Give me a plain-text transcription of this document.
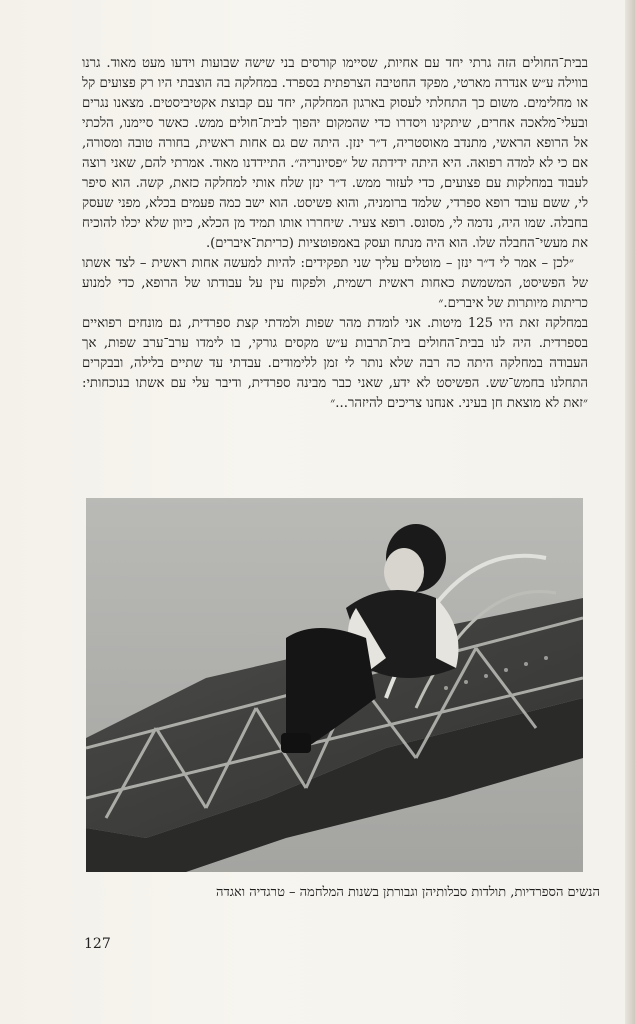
בבית־החולים הזה גרתי יחד עם אחיות, שסיימו קורסים בני שישה שבועות וידעו מעט מאוד. גרנו בווילה ע״ש אנדרה מארטי, מפקד החטיבה הצרפתית בספרד. במחלקה בה הוצבתי היו רק פצועים קל או מחלימים. משום כך התחלתי לעסוק בארגון המחלקה, יחד עם קבוצת אקטיביסטים. מצאנו נגרים ובעלי־מלאכה אחרים, שיתקינו ויסדרו כדי שהמקום יהפוך לבית־חולים ממש. כאשר סיימנו, הלכתי אל הרופא הראשי, מתנדב מאוסטריה, ד״ר ינזן. היתה שם גם אחות ראשית, בחורה טובה ומסורה, אם כי לא למדה רפואה. היא היתה ידידתה של ״פסיונריה״. התיידדנו מאוד. אמרתי להם, שאני רוצה לעבוד במחלקות עם פצועים, כדי לעזור ממש. ד״ר ינזן שלח אותי למחלקה כזאת, קשה. הוא סיפר לי, ששם עובד רופא ספרדי, שלמד ברומניה, והוא פשיסט. הוא ישב כמה פעמים בכלא, מפני שעסק בחבלה. שמו היה, נדמה לי, מסונס. רופא צעיר. שיחררו אותו תמיד מן הכלא, כיוון שלא יכלו להוכיח את מעשי־החבלה שלו. הוא היה מנתח ועסק באמפוטציות (כריתת־איברים).

״לכן – אמר לי ד״ר ינזן – מוטלים עליך שני תפקידים: להיות למעשה אחות ראשית – לצד אשתו של הפשיסט, המשמשת כאחות ראשית רשמית, ולפקוח עין על עבודתו של הרופא, כדי למנוע כריתות מיותרות של איברים.״

במחלקה זאת היו 125 מיטות. אני לומדת מהר שפות ולמדתי קצת ספרדית, גם מונחים רפואיים בספרדית. היה לנו בבית־החולים בית־תרבות ע״ש מקסים גורקי, בו לימדו ערב־ערב שפות, אך העבודה במחלקה היתה כה רבה שלא נותר לי זמן ללימודים. עבדתי עד שתיים בלילה, ובבקרים התחלנו בחמש־שש. הפשיסט לא ידע, שאני כבר מבינה ספרדית, ודיבר עלי עם אשתו בנוכחותי: ״זאת לא מוצאת חן בעיני. אנחנו צריכים להיזהר...״

הנשים הספרדיות, תולדות סבלותיהן וגבורתן בשנות המלחמה – טרגדיה ואגדה
127
